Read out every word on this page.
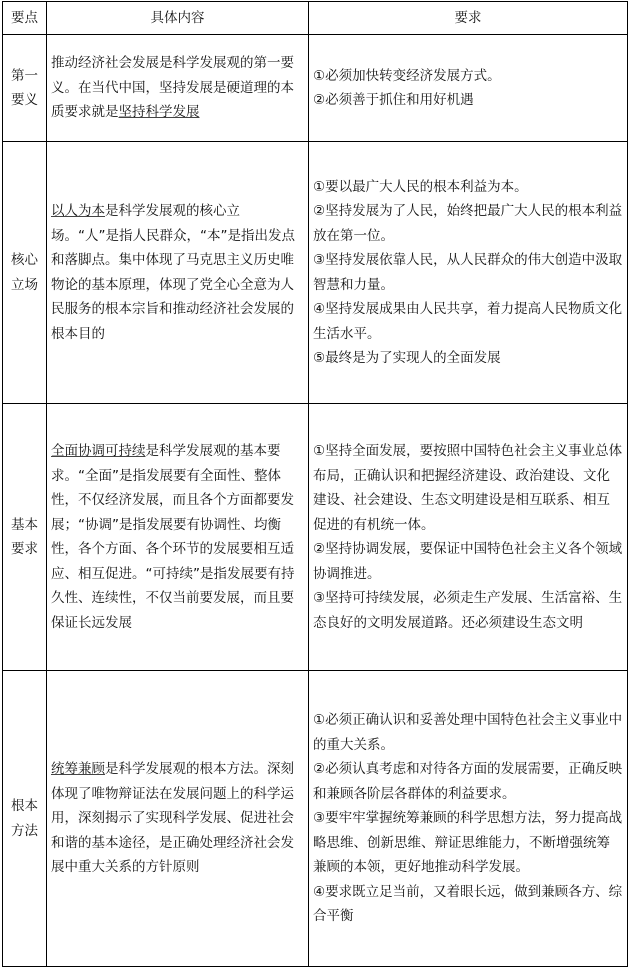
要点	具体内容	要求
第一
要义	推动经济社会发展是科学发展观的第一要义。在当代中国，坚持发展是硬道理的本质要求就是坚持科学发展	①必须加快转变经济发展方式。
②必须善于抓住和用好机遇

核心
立场	以人为本是科学发展观的核心立场。“人”是指人民群众，“本”是指出发点和落脚点。集中体现了马克思主义历史唯物论的基本原理，体现了党全心全意为人民服务的根本宗旨和推动经济社会发展的根本目的	①要以最广大人民的根本利益为本。
②坚持发展为了人民，始终把最广大人民的根本利益放在第一位。
③坚持发展依靠人民，从人民群众的伟大创造中汲取智慧和力量。
④坚持发展成果由人民共享，着力提高人民物质文化生活水平。
⑤最终是为了实现人的全面发展

基本
要求	全面协调可持续是科学发展观的基本要求。“全面”是指发展要有全面性、整体性，不仅经济发展，而且各个方面都要发展；“协调”是指发展要有协调性、均衡性，各个方面、各个环节的发展要相互适应、相互促进。“可持续”是指发展要有持久性、连续性，不仅当前要发展，而且要保证长远发展	①坚持全面发展，要按照中国特色社会主义事业总体布局，正确认识和把握经济建设、政治建设、文化建设、社会建设、生态文明建设是相互联系、相互促进的有机统一体。
②坚持协调发展，要保证中国特色社会主义各个领域协调推进。
③坚持可持续发展，必须走生产发展、生活富裕、生态良好的文明发展道路。还必须建设生态文明

根本
方法	统筹兼顾是科学发展观的根本方法。深刻体现了唯物辩证法在发展问题上的科学运用，深刻揭示了实现科学发展、促进社会和谐的基本途径，是正确处理经济社会发展中重大关系的方针原则	①必须正确认识和妥善处理中国特色社会主义事业中的重大关系。
②必须认真考虑和对待各方面的发展需要，正确反映和兼顾各阶层各群体的利益要求。
③要牢牢掌握统筹兼顾的科学思想方法，努力提高战略思维、创新思维、辩证思维能力，不断增强统筹兼顾的本领，更好地推动科学发展。
④要求既立足当前，又着眼长远，做到兼顾各方、综合平衡
